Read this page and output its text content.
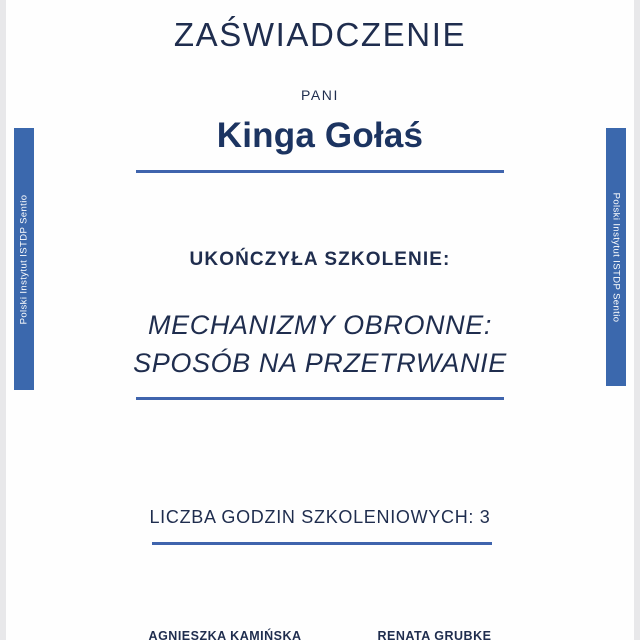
Polski Instytut ISTDP Sentio	Polski Instytut ISTDP Sentio
ZAŚWIADCZENIE
PANI
Kinga Gołaś
UKOŃCZYŁA SZKOLENIE:
MECHANIZMY OBRONNE:
SPOSÓB NA PRZETRWANIE
LICZBA GODZIN SZKOLENIOWYCH: 3
AGNIESZKA KAMIŃSKA	RENATA GRUBKE
